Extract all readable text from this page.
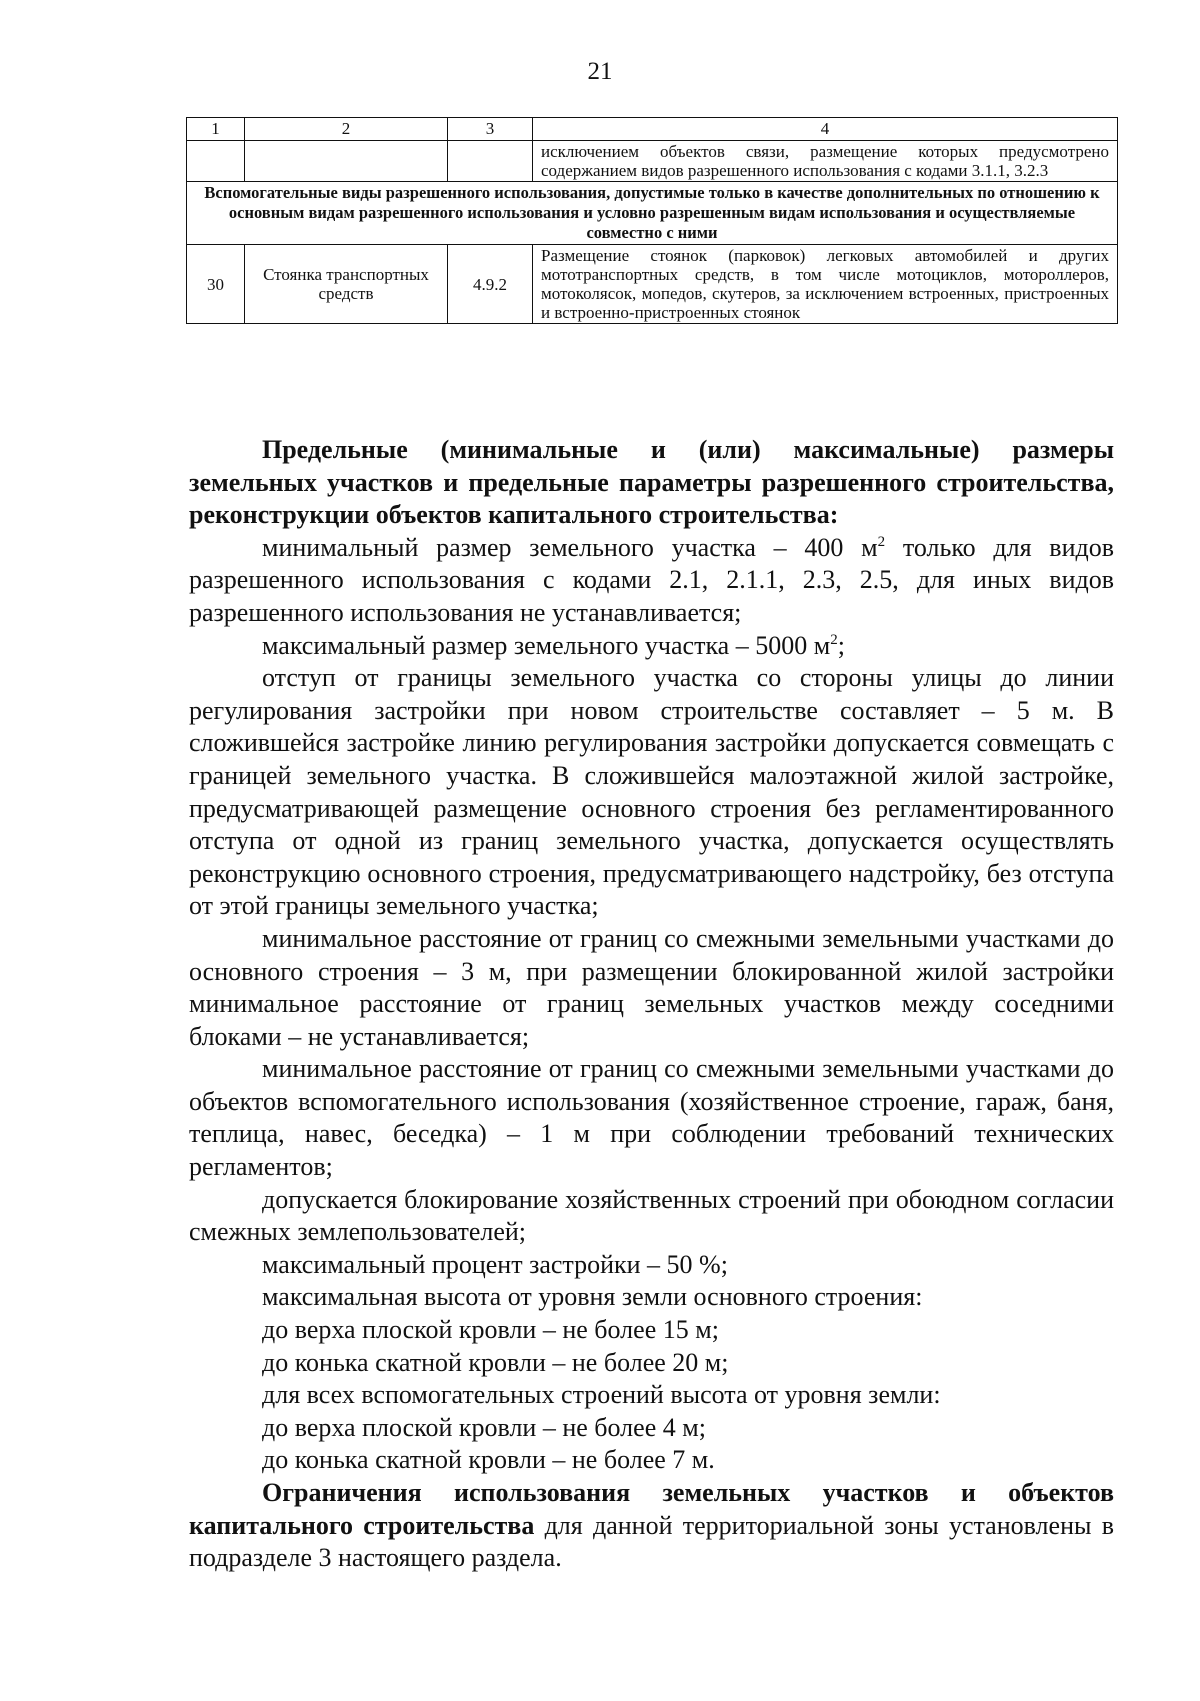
21
1	2	3	4
			исключением объектов связи, размещение которых предусмотрено содержанием видов разрешенного использования с кодами 3.1.1, 3.2.3
Вспомогательные виды разрешенного использования, допустимые только в качестве дополнительных по отношению к основным видам разрешенного использования и условно разрешенным видам использования и осуществляемые совместно с ними			
30	Стоянка транспортных средств	4.9.2	Размещение стоянок (парковок) легковых автомобилей и других мототранспортных средств, в том числе мотоциклов, мотороллеров, мотоколясок, мопедов, скутеров, за исключением встроенных, пристроенных и встроенно-пристроенных стоянок

Предельные (минимальные и (или) максимальные) размеры земельных участков и предельные параметры разрешенного строительства, реконструкции объектов капитального строительства:

минимальный размер земельного участка – 400 $м^2$ только для видов разрешенного использования с кодами 2.1, 2.1.1, 2.3, 2.5, для иных видов разрешенного использования не устанавливается;

максимальный размер земельного участка – 5000 $м^2$;

отступ от границы земельного участка со стороны улицы до линии регулирования застройки при новом строительстве составляет – 5 м. В сложившейся застройке линию регулирования застройки допускается совмещать с границей земельного участка. В сложившейся малоэтажной жилой застройке, предусматривающей размещение основного строения без регламентированного отступа от одной из границ земельного участка, допускается осуществлять реконструкцию основного строения, предусматривающего надстройку, без отступа от этой границы земельного участка;

минимальное расстояние от границ со смежными земельными участками до основного строения – 3 м, при размещении блокированной жилой застройки минимальное расстояние от границ земельных участков между соседними блоками – не устанавливается;

минимальное расстояние от границ со смежными земельными участками до объектов вспомогательного использования (хозяйственное строение, гараж, баня, теплица, навес, беседка) – 1 м при соблюдении требований технических регламентов;

допускается блокирование хозяйственных строений при обоюдном согласии смежных землепользователей;

максимальный процент застройки – 50 %;

максимальная высота от уровня земли основного строения:

до верха плоской кровли – не более 15 м;

до конька скатной кровли – не более 20 м;

для всех вспомогательных строений высота от уровня земли:

до верха плоской кровли – не более 4 м;

до конька скатной кровли – не более 7 м.

Ограничения использования земельных участков и объектов капитального строительства для данной территориальной зоны установлены в подразделе 3 настоящего раздела.
